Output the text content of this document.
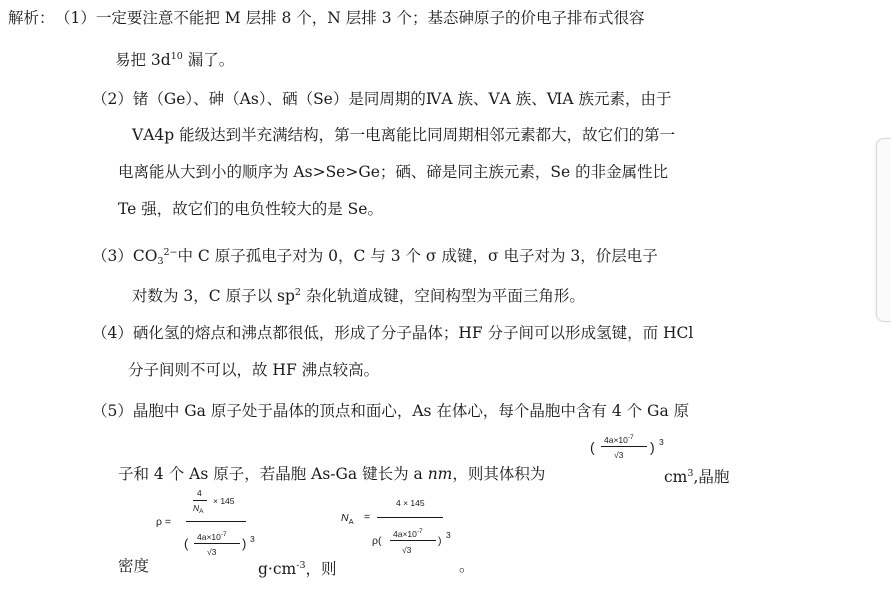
解析： （1）一定要注意不能把 M 层排 8 个，N 层排 3 个；基态砷原子的价电子排布式很容
易把 $3d^{10}$ 漏了。
（2）锗（Ge）、砷（As）、硒（Se）是同周期的ⅣA 族、ⅤA 族、ⅥA 族元素，由于
ⅤA4p 能级达到半充满结构，第一电离能比同周期相邻元素都大，故它们的第一
电离能从大到小的顺序为 As>Se>Ge；硒、碲是同主族元素，Se 的非金属性比
Te 强，故它们的电负性较大的是 Se。
$(3)CO_3^{2-}$中 C 原子孤电子对为 0，C 与 3 个 σ 成键，σ 电子对为 3，价层电子
对数为 3，C 原子以 $sp^2$ 杂化轨道成键，空间构型为平面三角形。
（4）硒化氢的熔点和沸点都很低，形成了分子晶体；HF 分子间可以形成氢键，而 HCl
分子间则不可以，故 HF 沸点较高。
（5）晶胞中 Ga 原子处于晶体的顶点和面心，As 在体心，每个晶胞中含有 4 个 Ga 原
子和 4 个 As 原子，若晶胞 As-Ga 键长为 a nm，则其体积为
( $4a\times 10^{-7}$
√3 ) 3
$cm^3$,晶胞
密度
ρ =
4
$N_A$
× 145
( $4a\times 10^{-7}$
√3
) 3
$g\cdot cm^{-3}$，则
$N_A$ =
4 × 145
ρ(
$4a\times 10^{-7}$
√3
) 3
。
